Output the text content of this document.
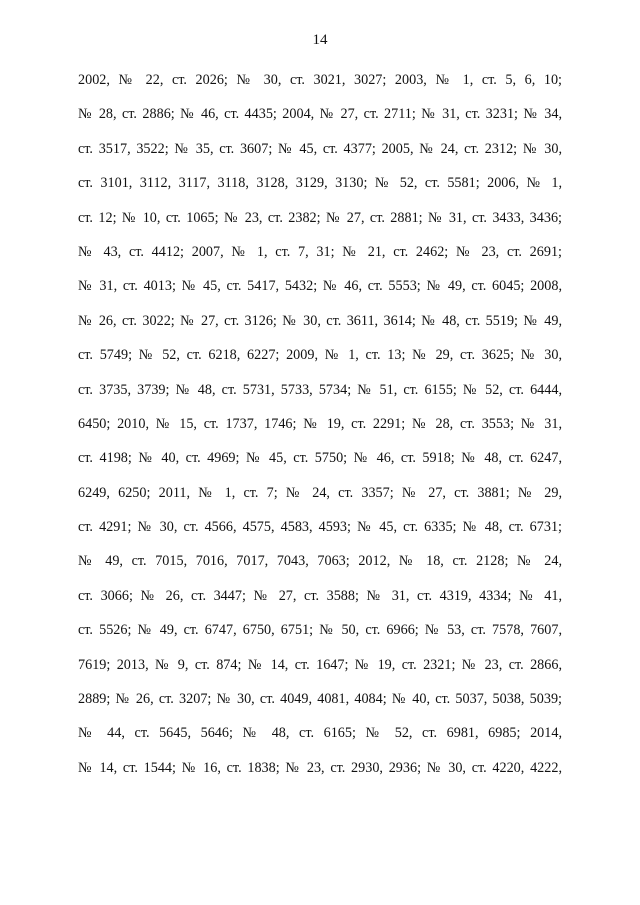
14
2002, № 22, ст. 2026; № 30, ст. 3021, 3027; 2003, № 1, ст. 5, 6, 10;
№ 28, ст. 2886; № 46, ст. 4435; 2004, № 27, ст. 2711; № 31, ст. 3231; № 34,
ст. 3517, 3522; № 35, ст. 3607; № 45, ст. 4377; 2005, № 24, ст. 2312; № 30,
ст. 3101, 3112, 3117, 3118, 3128, 3129, 3130; № 52, ст. 5581; 2006, № 1,
ст. 12; № 10, ст. 1065; № 23, ст. 2382; № 27, ст. 2881; № 31, ст. 3433, 3436;
№ 43, ст. 4412; 2007, № 1, ст. 7, 31; № 21, ст. 2462; № 23, ст. 2691;
№ 31, ст. 4013; № 45, ст. 5417, 5432; № 46, ст. 5553; № 49, ст. 6045; 2008,
№ 26, ст. 3022; № 27, ст. 3126; № 30, ст. 3611, 3614; № 48, ст. 5519; № 49,
ст. 5749; № 52, ст. 6218, 6227; 2009, № 1, ст. 13; № 29, ст. 3625; № 30,
ст. 3735, 3739; № 48, ст. 5731, 5733, 5734; № 51, ст. 6155; № 52, ст. 6444,
6450; 2010, № 15, ст. 1737, 1746; № 19, ст. 2291; № 28, ст. 3553; № 31,
ст. 4198; № 40, ст. 4969; № 45, ст. 5750; № 46, ст. 5918; № 48, ст. 6247,
6249, 6250; 2011, № 1, ст. 7; № 24, ст. 3357; № 27, ст. 3881; № 29,
ст. 4291; № 30, ст. 4566, 4575, 4583, 4593; № 45, ст. 6335; № 48, ст. 6731;
№ 49, ст. 7015, 7016, 7017, 7043, 7063; 2012, № 18, ст. 2128; № 24,
ст. 3066; № 26, ст. 3447; № 27, ст. 3588; № 31, ст. 4319, 4334; № 41,
ст. 5526; № 49, ст. 6747, 6750, 6751; № 50, ст. 6966; № 53, ст. 7578, 7607,
7619; 2013, № 9, ст. 874; № 14, ст. 1647; № 19, ст. 2321; № 23, ст. 2866,
2889; № 26, ст. 3207; № 30, ст. 4049, 4081, 4084; № 40, ст. 5037, 5038, 5039;
№ 44, ст. 5645, 5646; № 48, ст. 6165; № 52, ст. 6981, 6985; 2014,
№ 14, ст. 1544; № 16, ст. 1838; № 23, ст. 2930, 2936; № 30, ст. 4220, 4222,
